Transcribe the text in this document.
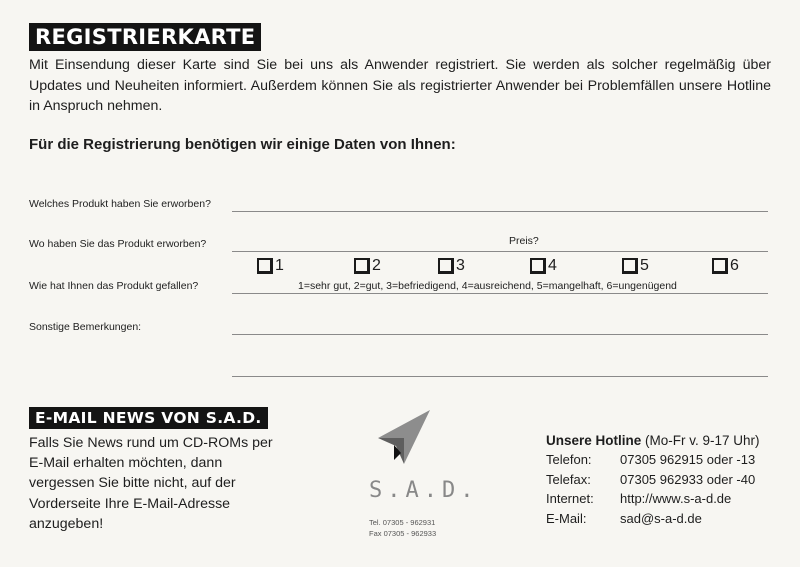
REGISTRIERKARTE
Mit Einsendung dieser Karte sind Sie bei uns als Anwender registriert. Sie werden als solcher regelmäßig über Updates und Neuheiten informiert. Außerdem können Sie als registrierter Anwender bei Problemfällen unsere Hotline in Anspruch nehmen.
Für die Registrierung benötigen wir einige Daten von Ihnen:
Welches Produkt haben Sie erworben?
Wo haben Sie das Produkt erworben?	Preis?
1	2	3	4	5	6
Wie hat Ihnen das Produkt gefallen?	1=sehr gut, 2=gut, 3=befriedigend, 4=ausreichend, 5=mangelhaft, 6=ungenügend
Sonstige Bemerkungen:
E-MAIL NEWS VON S.A.D.
Falls Sie News rund um CD-ROMs per E-Mail erhalten möchten, dann vergessen Sie bitte nicht, auf der Vorderseite Ihre E-Mail-Adresse anzugeben!
S.A.D.
Tel. 07305 - 962931
Fax 07305 - 962933
Unsere Hotline (Mo-Fr v. 9-17 Uhr)
Telefon:	07305 962915 oder -13
Telefax:	07305 962933 oder -40
Internet:	http://www.s-a-d.de
E-Mail:	sad@s-a-d.de
